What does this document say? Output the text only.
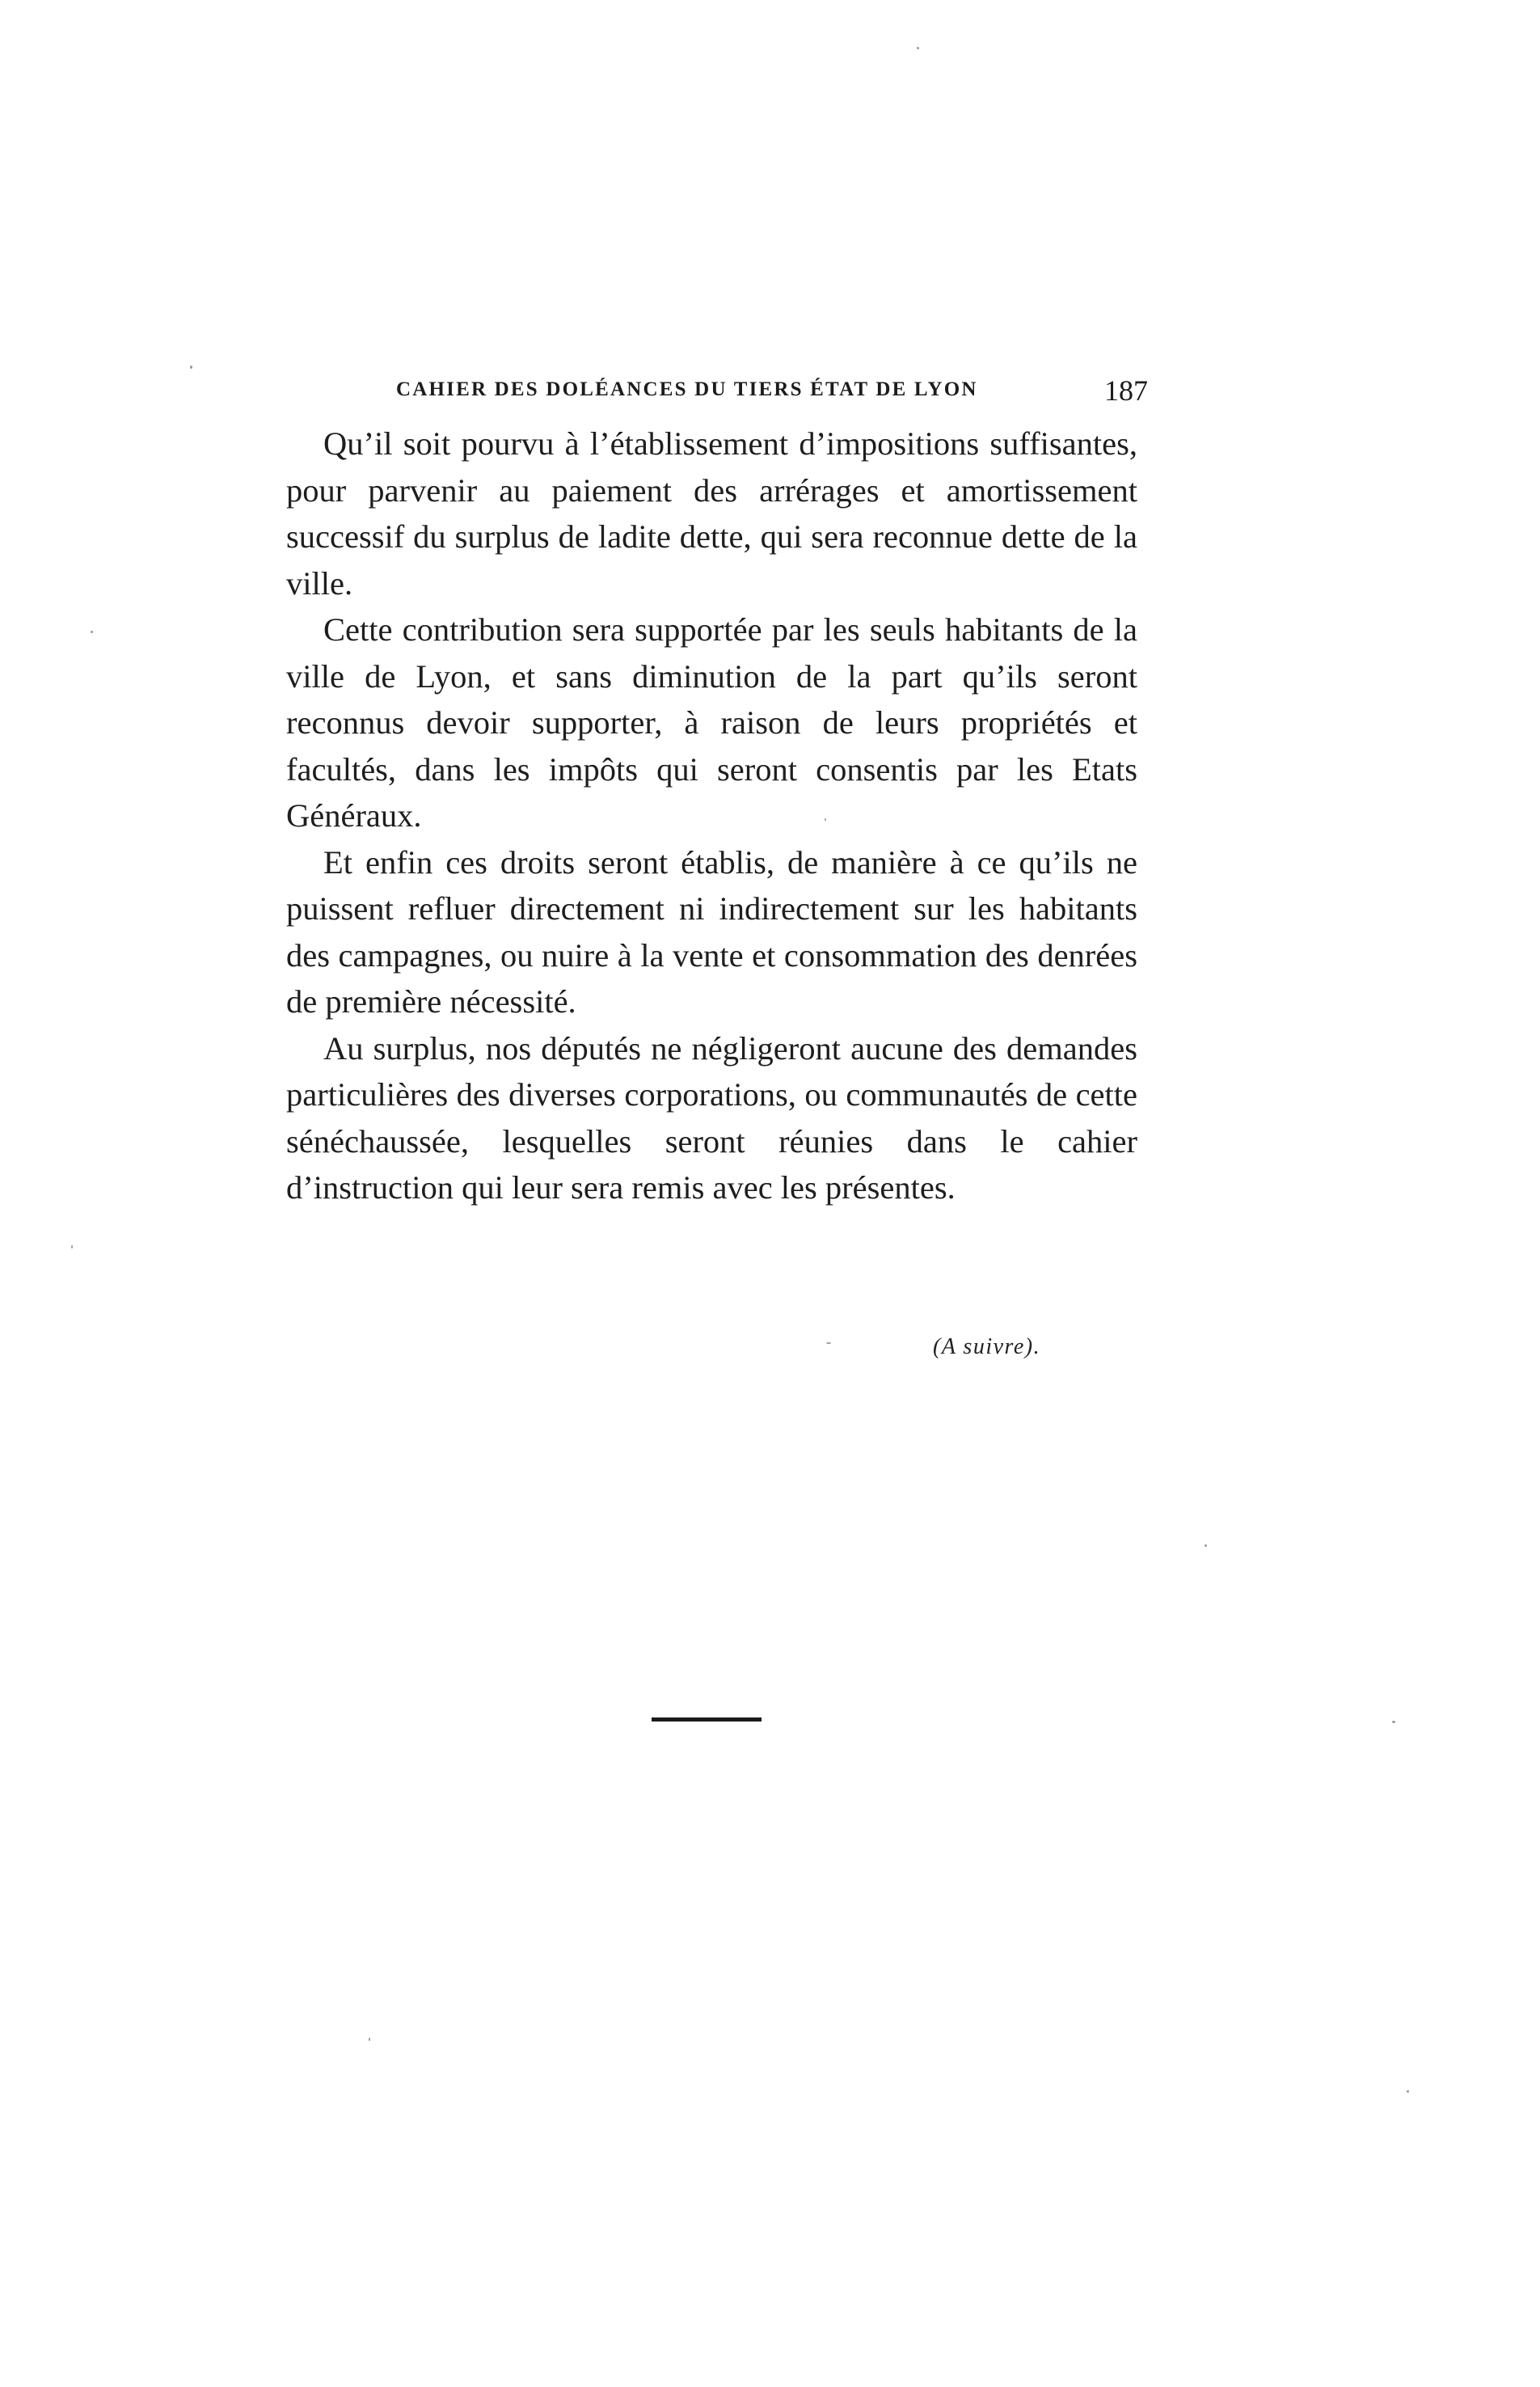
CAHIER DES DOLÉANCES DU TIERS ÉTAT DE LYON	187

Qu’il soit pourvu à l’établissement d’impositions suffisantes, pour parvenir au paiement des arrérages et amortissement successif du surplus de ladite dette, qui sera reconnue dette de la ville.

Cette contribution sera supportée par les seuls habitants de la ville de Lyon, et sans diminution de la part qu’ils seront reconnus devoir supporter, à raison de leurs propriétés et facultés, dans les impôts qui seront consentis par les Etats Généraux.

Et enfin ces droits seront établis, de manière à ce qu’ils ne puissent refluer directement ni indirectement sur les habitants des campagnes, ou nuire à la vente et consommation des denrées de première nécessité.

Au surplus, nos députés ne négligeront aucune des demandes particulières des diverses corporations, ou communautés de cette sénéchaussée, lesquelles seront réunies dans le cahier d’instruction qui leur sera remis avec les présentes.

(A suivre).
